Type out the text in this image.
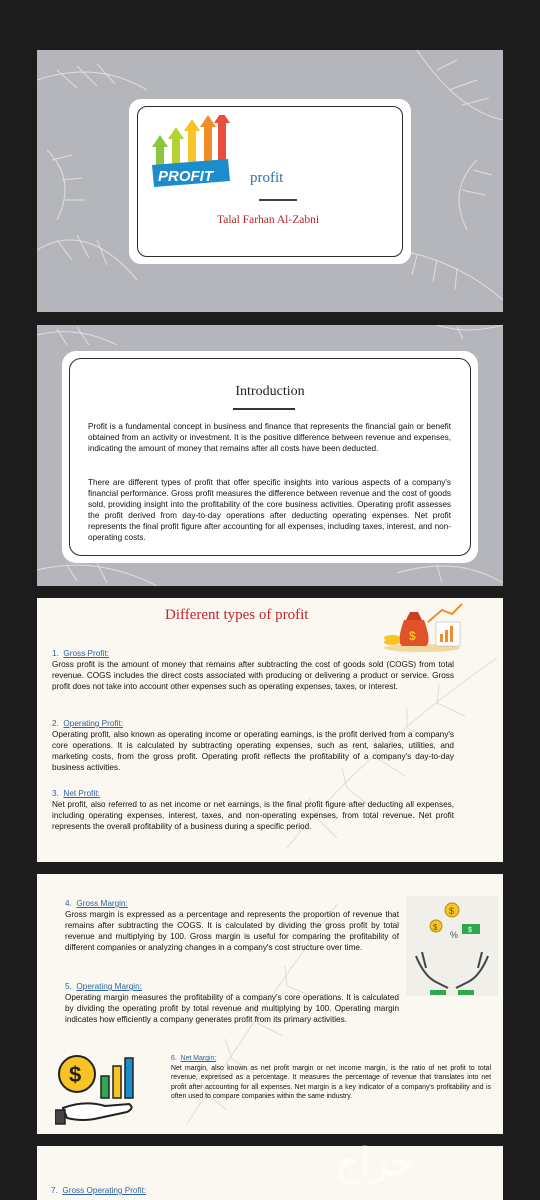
PROFIT profit
Talal Farhan Al-Zabni
Introduction
Profit is a fundamental concept in business and finance that represents the financial gain or benefit obtained from an activity or investment. It is the positive difference between revenue and expenses, indicating the amount of money that remains after all costs have been deducted.
There are different types of profit that offer specific insights into various aspects of a company's financial performance. Gross profit measures the difference between revenue and the cost of goods sold, providing insight into the profitability of the core business activities. Operating profit assesses the profit derived from day-to-day operations after deducting operating expenses. Net profit represents the final profit figure after accounting for all expenses, including taxes, interest, and non-operating costs.
Different types of profit
$
1. Gross Profit:
Gross profit is the amount of money that remains after subtracting the cost of goods sold (COGS) from total revenue. COGS includes the direct costs associated with producing or delivering a product or service. Gross profit does not take into account other expenses such as operating expenses, taxes, or interest.
2. Operating Profit:
Operating profit, also known as operating income or operating earnings, is the profit derived from a company's core operations. It is calculated by subtracting operating expenses, such as rent, salaries, utilities, and marketing costs, from the gross profit. Operating profit reflects the profitability of a company's day-to-day business activities.
3. Net Profit:
Net profit, also referred to as net income or net earnings, is the final profit figure after deducting all expenses, including operating expenses, interest, taxes, and non-operating expenses, from total revenue. Net profit represents the overall profitability of a business during a specific period.
4. Gross Margin:
Gross margin is expressed as a percentage and represents the proportion of revenue that remains after subtracting the COGS. It is calculated by dividing the gross profit by total revenue and multiplying by 100. Gross margin is useful for comparing the profitability of different companies or analyzing changes in a company's cost structure over time.
$
$	$
%
5. Operating Margin:
Operating margin measures the profitability of a company's core operations. It is calculated by dividing the operating profit by total revenue and multiplying by 100. Operating margin indicates how efficiently a company generates profit from its primary activities.
$
6. Net Margin:
Net margin, also known as net profit margin or net income margin, is the ratio of net profit to total revenue, expressed as a percentage. It measures the percentage of revenue that translates into net profit after accounting for all expenses. Net margin is a key indicator of a company's profitability and is often used to compare companies within the same industry.
7. Gross Operating Profit:
حراج
